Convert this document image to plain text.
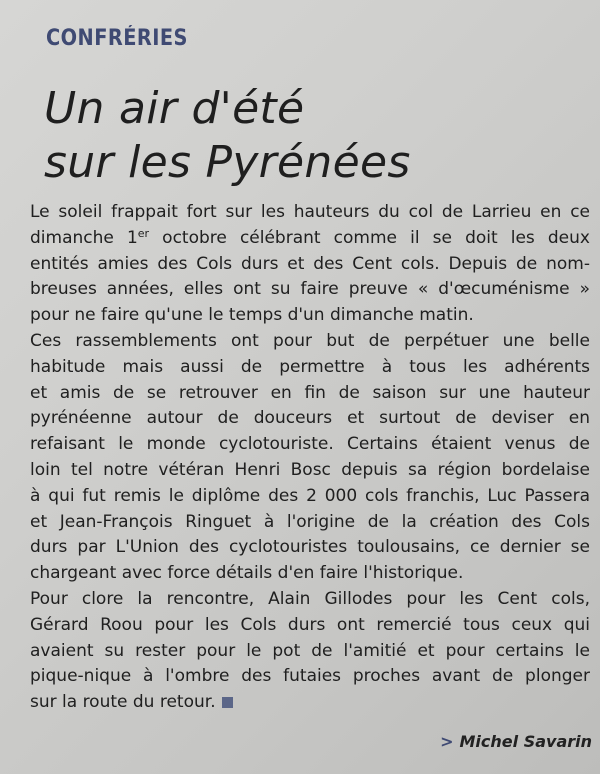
CONFRÉRIES
Un air d'été
sur les Pyrénées
Le soleil frappait fort sur les hauteurs du col de Larrieu en ce
dimanche 1er octobre célébrant comme il se doit les deux
entités amies des Cols durs et des Cent cols. Depuis de nom-
breuses années, elles ont su faire preuve « d'œcuménisme »
pour ne faire qu'une le temps d'un dimanche matin.
Ces rassemblements ont pour but de perpétuer une belle
habitude mais aussi de permettre à tous les adhérents
et amis de se retrouver en fin de saison sur une hauteur
pyrénéenne autour de douceurs et surtout de deviser en
refaisant le monde cyclotouriste. Certains étaient venus de
loin tel notre vétéran Henri Bosc depuis sa région bordelaise
à qui fut remis le diplôme des 2 000 cols franchis, Luc Passera
et Jean-François Ringuet à l'origine de la création des Cols
durs par L'Union des cyclotouristes toulousains, ce dernier se
chargeant avec force détails d'en faire l'historique.
Pour clore la rencontre, Alain Gillodes pour les Cent cols,
Gérard Roou pour les Cols durs ont remercié tous ceux qui
avaient su rester pour le pot de l'amitié et pour certains le
pique-nique à l'ombre des futaies proches avant de plonger
sur la route du retour.
> Michel Savarin
